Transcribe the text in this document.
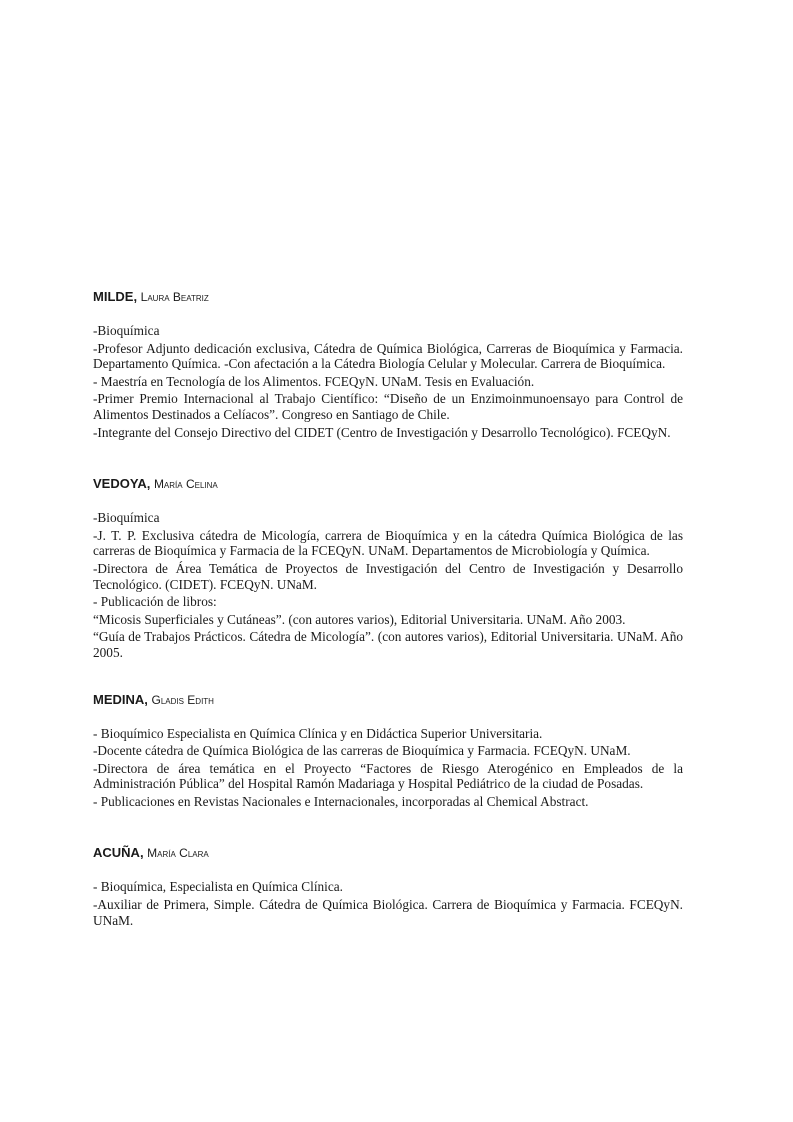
MILDE, Laura Beatriz

-Bioquímica

-Profesor Adjunto dedicación exclusiva, Cátedra de Química Biológica, Carreras de Bioquímica y Farmacia. Departamento Química. -Con afectación a la Cátedra Biología Celular y Molecular. Carrera de Bioquímica.

- Maestría en Tecnología de los Alimentos. FCEQyN. UNaM. Tesis en Evaluación.

-Primer Premio Internacional al Trabajo Científico: “Diseño de un Enzimoinmunoensayo para Control de Alimentos Destinados a Celíacos”. Congreso en Santiago de Chile.

-Integrante del Consejo Directivo del CIDET (Centro de Investigación y Desarrollo Tecnológico). FCEQyN.

VEDOYA, María Celina

-Bioquímica

-J. T. P. Exclusiva cátedra de Micología, carrera de Bioquímica y en la cátedra Química Biológica de las carreras de Bioquímica y Farmacia de la FCEQyN. UNaM. Departamentos de Microbiología y Química.

-Directora de Área Temática de Proyectos de Investigación del Centro de Investigación y Desarrollo Tecnológico. (CIDET). FCEQyN. UNaM.

- Publicación de libros:

“Micosis Superficiales y Cutáneas”. (con autores varios), Editorial Universitaria. UNaM. Año 2003.

“Guía de Trabajos Prácticos. Cátedra de Micología”. (con autores varios), Editorial Universitaria. UNaM. Año 2005.

MEDINA, Gladis Edith

- Bioquímico Especialista en Química Clínica y en Didáctica Superior Universitaria.

-Docente cátedra de Química Biológica de las carreras de Bioquímica y Farmacia. FCEQyN. UNaM.

-Directora de área temática en el Proyecto “Factores de Riesgo Aterogénico en Empleados de la Administración Pública” del Hospital Ramón Madariaga y Hospital Pediátrico de la ciudad de Posadas.

- Publicaciones en Revistas Nacionales e Internacionales, incorporadas al Chemical Abstract.

ACUÑA, María Clara

- Bioquímica, Especialista en Química Clínica.

-Auxiliar de Primera, Simple. Cátedra de Química Biológica. Carrera de Bioquímica y Farmacia. FCEQyN. UNaM.
